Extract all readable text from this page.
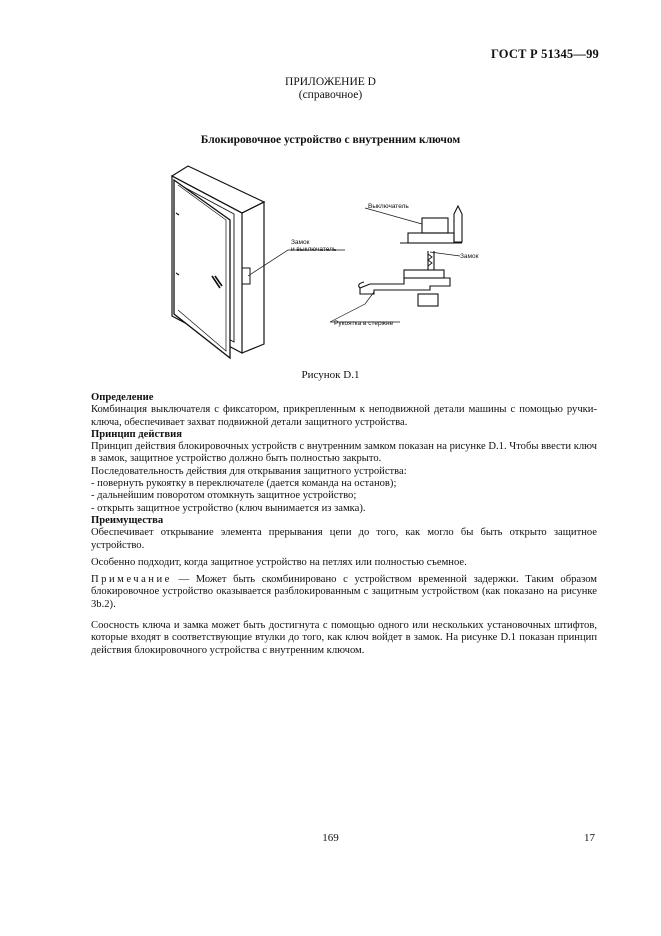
ГОСТ Р 51345—99
ПРИЛОЖЕНИЕ D
(справочное)
Блокировочное устройство с внутренним ключом
Замок
и выключатель
Выключатель
Замок
Рукоятка в стержне
Рисунок D.1

Определение

Комбинация выключателя с фиксатором, прикрепленным к неподвижной детали машины с помощью ручки-ключа, обеспечивает захват подвижной детали защитного устройства.

Принцип действия

Принцип действия блокировочных устройств с внутренним замком показан на рисунке D.1. Чтобы ввести ключ в замок, защитное устройство должно быть полностью закрыто.

Последовательность действия для открывания защитного устройства:

- повернуть рукоятку в переключателе (дается команда на останов);

- дальнейшим поворотом отомкнуть защитное устройство;

- открыть защитное устройство (ключ вынимается из замка).

Преимущества

Обеспечивает открывание элемента прерывания цепи до того, как могло бы быть открыто защитное устройство.

Особенно подходит, когда защитное устройство на петлях или полностью съемное.

Примечание — Может быть скомбинировано с устройством временной задержки. Таким образом блокировочное устройство оказывается разблокированным с защитным устройством (как показано на рисунке 3b.2).

Соосность ключа и замка может быть достигнута с помощью одного или нескольких установочных штифтов, которые входят в соответствующие втулки до того, как ключ войдет в замок. На рисунке D.1 показан принцип действия блокировочного устройства с внутренним ключом.

169	17
